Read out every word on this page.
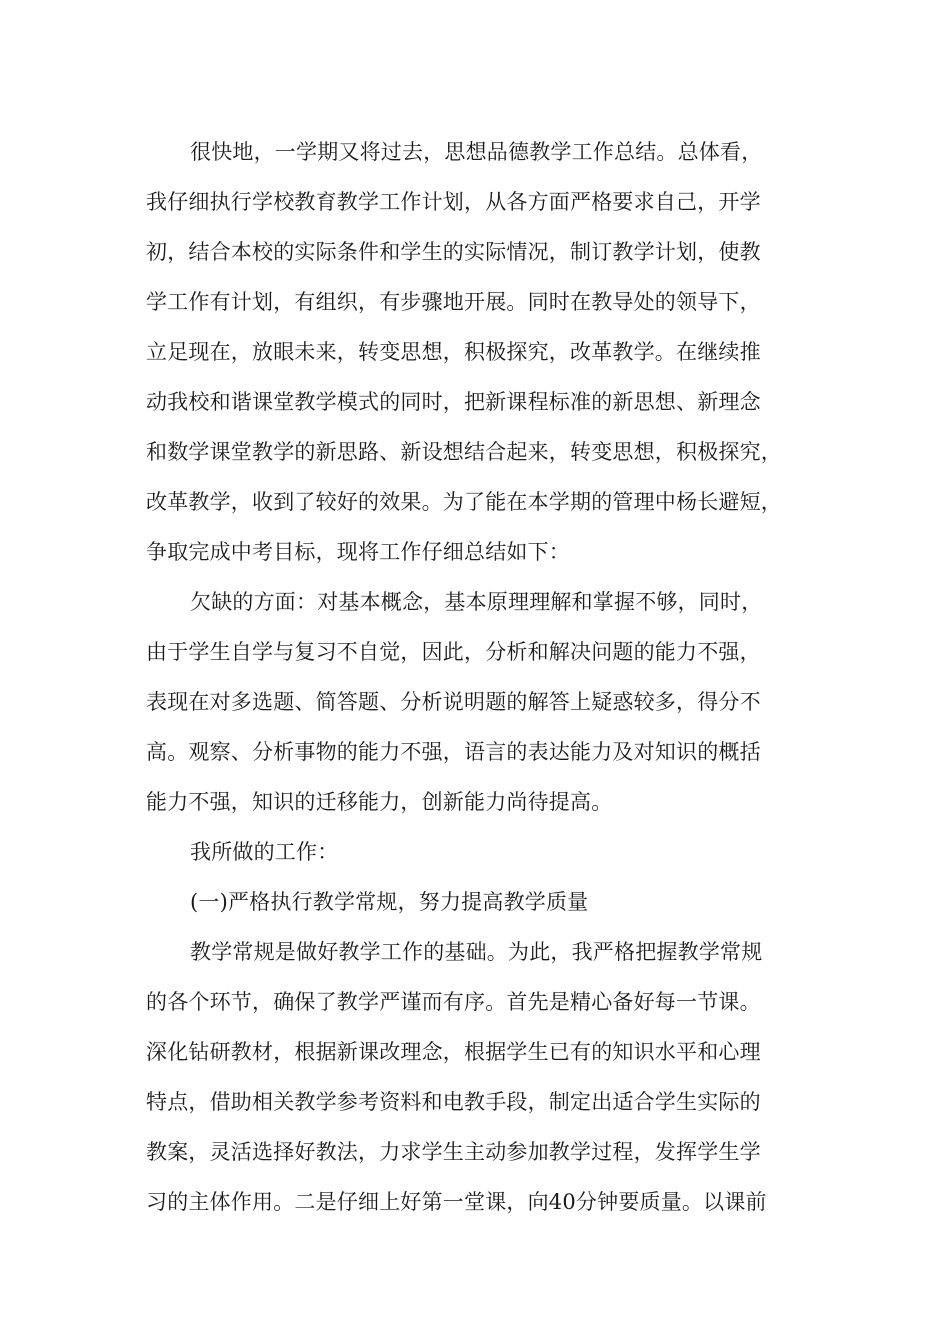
很快地，一学期又将过去，思想品德教学工作总结。总体看，
我仔细执行学校教育教学工作计划，从各方面严格要求自己，开学
初，结合本校的实际条件和学生的实际情况，制订教学计划，使教
学工作有计划，有组织，有步骤地开展。同时在教导处的领导下，
立足现在，放眼未来，转变思想，积极探究，改革教学。在继续推
动我校和谐课堂教学模式的同时，把新课程标准的新思想、新理念
和数学课堂教学的新思路、新设想结合起来，转变思想，积极探究，
改革教学，收到了较好的效果。为了能在本学期的管理中杨长避短，
争取完成中考目标，现将工作仔细总结如下：
欠缺的方面：对基本概念，基本原理理解和掌握不够，同时，
由于学生自学与复习不自觉，因此，分析和解决问题的能力不强，
表现在对多选题、简答题、分析说明题的解答上疑惑较多，得分不
高。观察、分析事物的能力不强，语言的表达能力及对知识的概括
能力不强，知识的迁移能力，创新能力尚待提高。
我所做的工作：
(一)严格执行教学常规，努力提高教学质量
教学常规是做好教学工作的基础。为此，我严格把握教学常规
的各个环节，确保了教学严谨而有序。首先是精心备好每一节课。
深化钻研教材，根据新课改理念，根据学生已有的知识水平和心理
特点，借助相关教学参考资料和电教手段，制定出适合学生实际的
教案，灵活选择好教法，力求学生主动参加教学过程，发挥学生学
习的主体作用。二是仔细上好第一堂课，向40分钟要质量。以课前
